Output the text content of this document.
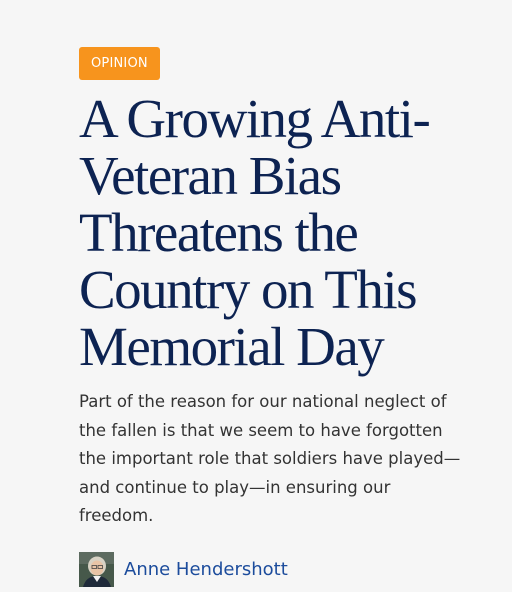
OPINION
A Growing Anti-Veteran Bias Threatens the Country on This Memorial Day

Part of the reason for our national neglect of the fallen is that we seem to have forgotten the important role that soldiers have played—and continue to play—in ensuring our freedom.

Anne Hendershott
